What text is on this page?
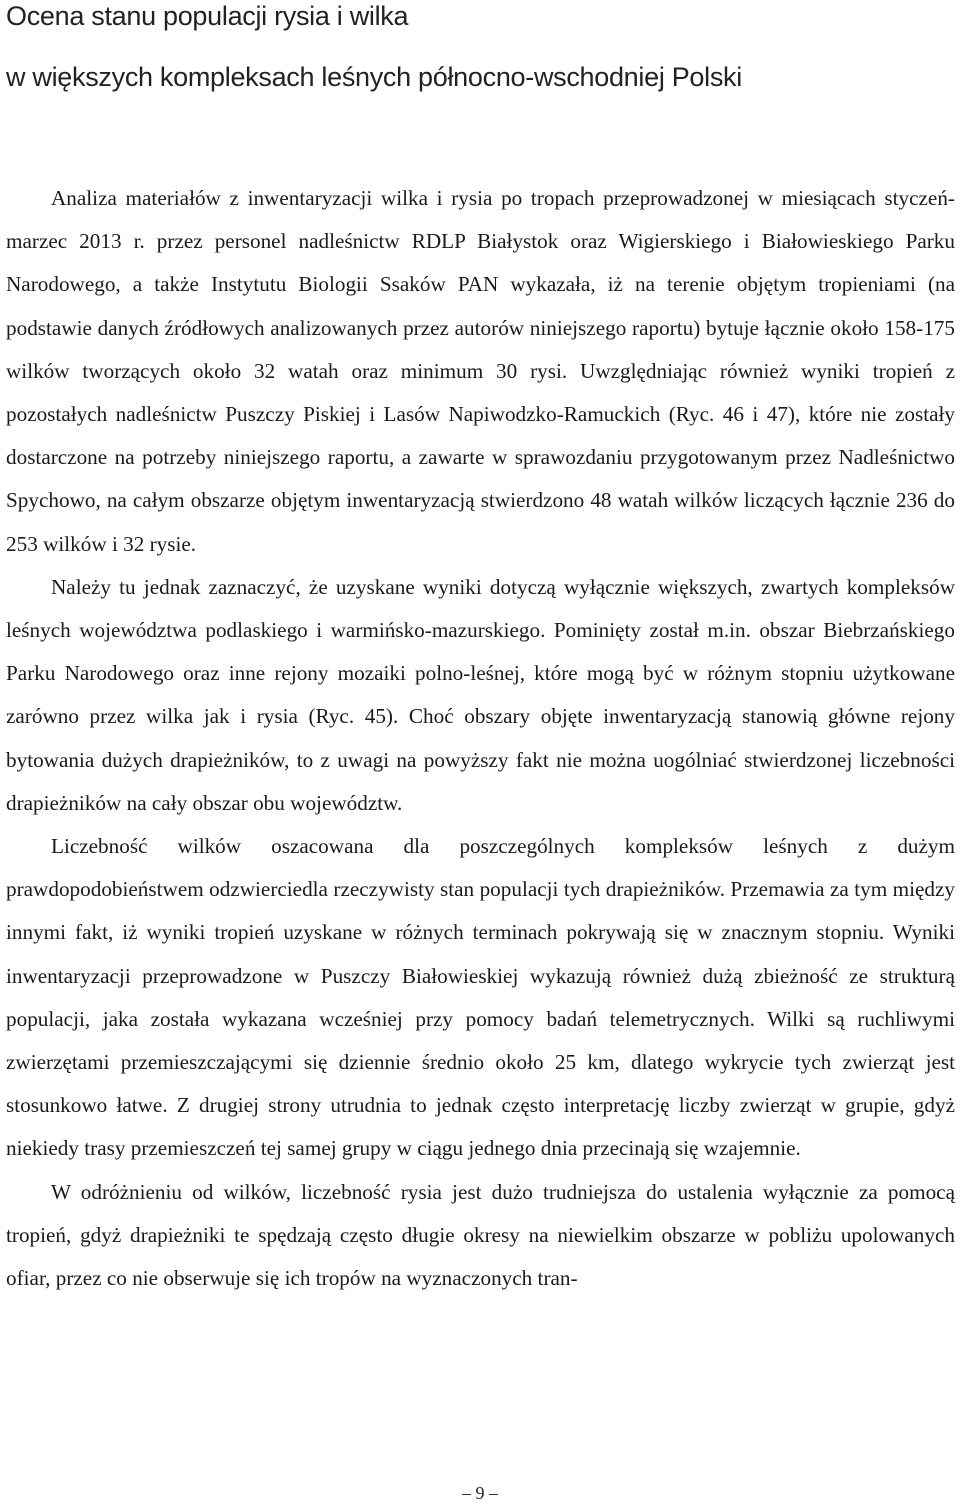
Ocena stanu populacji rysia i wilka
w większych kompleksach leśnych północno-wschodniej Polski

Analiza materiałów z inwentaryzacji wilka i rysia po tropach przeprowadzonej w miesiącach styczeń-marzec 2013 r. przez personel nadleśnictw RDLP Białystok oraz Wigierskiego i Białowieskiego Parku Narodowego, a także Instytutu Biologii Ssaków PAN wykazała, iż na terenie objętym tropieniami (na podstawie danych źródłowych analizowanych przez autorów niniejszego raportu) bytuje łącznie około 158-175 wilków tworzących około 32 watah oraz minimum 30 rysi. Uwzględniając również wyniki tropień z pozostałych nadleśnictw Puszczy Piskiej i Lasów Napiwodzko-Ramuckich (Ryc. 46 i 47), które nie zostały dostarczone na potrzeby niniejszego raportu, a zawarte w sprawozdaniu przygotowanym przez Nadleśnictwo Spychowo, na całym obszarze objętym inwentaryzacją stwierdzono 48 watah wilków liczących łącznie 236 do 253 wilków i 32 rysie.

Należy tu jednak zaznaczyć, że uzyskane wyniki dotyczą wyłącznie większych, zwartych kompleksów leśnych województwa podlaskiego i warmińsko-mazurskiego. Pominięty został m.in. obszar Biebrzańskiego Parku Narodowego oraz inne rejony mozaiki polno-leśnej, które mogą być w różnym stopniu użytkowane zarówno przez wilka jak i rysia (Ryc. 45). Choć obszary objęte inwentaryzacją stanowią główne rejony bytowania dużych drapieżników, to z uwagi na powyższy fakt nie można uogólniać stwierdzonej liczebności drapieżników na cały obszar obu województw.

Liczebność wilków oszacowana dla poszczególnych kompleksów leśnych z dużym prawdopodobieństwem odzwierciedla rzeczywisty stan populacji tych drapieżników. Przemawia za tym między innymi fakt, iż wyniki tropień uzyskane w różnych terminach pokrywają się w znacznym stopniu. Wyniki inwentaryzacji przeprowadzone w Puszczy Białowieskiej wykazują również dużą zbieżność ze strukturą populacji, jaka została wykazana wcześniej przy pomocy badań telemetrycznych. Wilki są ruchliwymi zwierzętami przemieszczającymi się dziennie średnio około 25 km, dlatego wykrycie tych zwierząt jest stosunkowo łatwe. Z drugiej strony utrudnia to jednak często interpretację liczby zwierząt w grupie, gdyż niekiedy trasy przemieszczeń tej samej grupy w ciągu jednego dnia przecinają się wzajemnie.

W odróżnieniu od wilków, liczebność rysia jest dużo trudniejsza do ustalenia wyłącznie za pomocą tropień, gdyż drapieżniki te spędzają często długie okresy na niewielkim obszarze w pobliżu upolowanych ofiar, przez co nie obserwuje się ich tropów na wyznaczonych tran-

– 9 –
